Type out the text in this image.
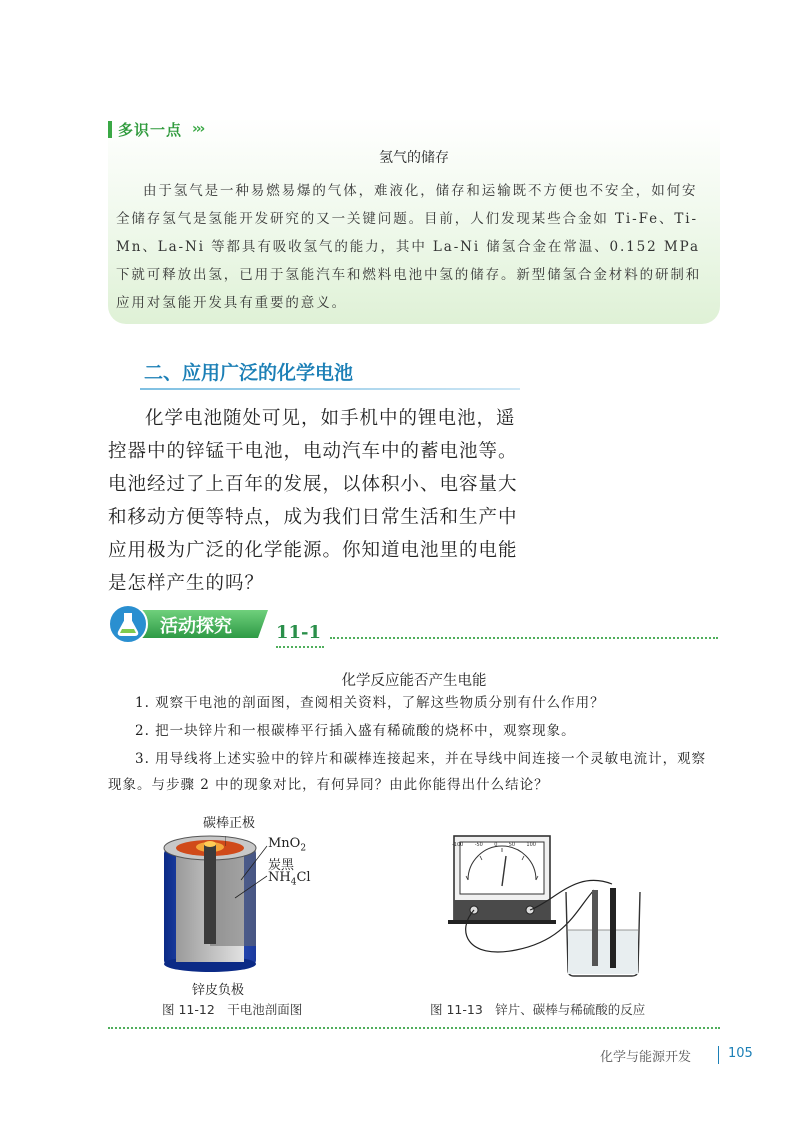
多识一点 ›››
氢气的储存

由于氢气是一种易燃易爆的气体，难液化，储存和运输既不方便也不安全，如何安全储存氢气是氢能开发研究的又一关键问题。目前，人们发现某些合金如 Ti-Fe、Ti-Mn、La-Ni 等都具有吸收氢气的能力，其中 La-Ni 储氢合金在常温、0.152 MPa 下就可释放出氢，已用于氢能汽车和燃料电池中氢的储存。新型储氢合金材料的研制和应用对氢能开发具有重要的意义。

二、应用广泛的化学电池

化学电池随处可见，如手机中的锂电池，遥控器中的锌锰干电池，电动汽车中的蓄电池等。电池经过了上百年的发展，以体积小、电容量大和移动方便等特点，成为我们日常生活和生产中应用极为广泛的化学能源。你知道电池里的电能是怎样产生的吗？

活动探究 11-1
化学反应能否产生电能

1. 观察干电池的剖面图，查阅相关资料，了解这些物质分别有什么作用？

2. 把一块锌片和一根碳棒平行插入盛有稀硫酸的烧杯中，观察现象。

3. 用导线将上述实验中的锌片和碳棒连接起来，并在导线中间连接一个灵敏电流计，观察现象。与步骤 2 中的现象对比，有何异同？由此你能得出什么结论？

碳棒正极
MnO$_2$
炭黑
$NH_4Cl$
锌皮负极
图 11-12　干电池剖面图
-100 -50 0 50 100
图 11-13　锌片、碳棒与稀硫酸的反应
化学与能源开发	105
